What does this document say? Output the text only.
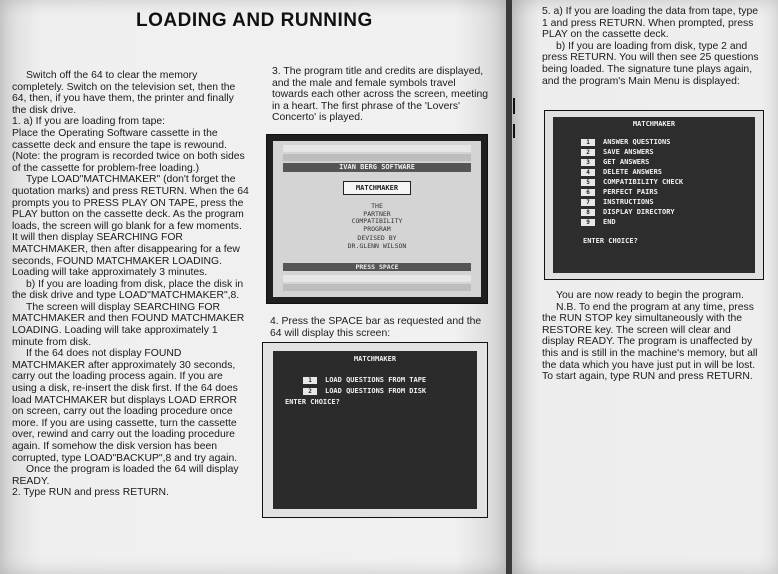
LOADING AND RUNNING

Switch off the 64 to clear the memory completely. Switch on the television set, then the 64, then, if you have them, the printer and finally the disk drive.

1. a) If you are loading from tape:

Place the Operating Software cassette in the cassette deck and ensure the tape is rewound. (Note: the program is recorded twice on both sides of the cassette for problem-free loading.)

Type LOAD"MATCHMAKER" (don't forget the quotation marks) and press RETURN. When the 64 prompts you to PRESS PLAY ON TAPE, press the PLAY button on the cassette deck. As the program loads, the screen will go blank for a few moments. It will then display SEARCHING FOR MATCHMAKER, then after disappearing for a few seconds, FOUND MATCHMAKER LOADING. Loading will take approximately 3 minutes.

b) If you are loading from disk, place the disk in the disk drive and type LOAD"MATCHMAKER",8.

The screen will display SEARCHING FOR MATCHMAKER and then FOUND MATCHMAKER LOADING. Loading will take approximately 1 minute from disk.

If the 64 does not display FOUND MATCHMAKER after approximately 30 seconds, carry out the loading process again. If you are using a disk, re-insert the disk first. If the 64 does load MATCHMAKER but displays LOAD ERROR on screen, carry out the loading procedure once more. If you are using cassette, turn the cassette over, rewind and carry out the loading procedure again. If somehow the disk version has been corrupted, type LOAD"BACKUP",8 and try again.

Once the program is loaded the 64 will display READY.

2. Type RUN and press RETURN.

3. The program title and credits are displayed, and the male and female symbols travel towards each other across the screen, meeting in a heart. The first phrase of the 'Lovers' Concerto' is played.

IVAN BERG SOFTWARE
MATCHMAKER
THE
PARTNER
COMPATIBILITY
PROGRAM
DEVISED BY
DR.GLENN WILSON
PRESS SPACE

4. Press the SPACE bar as requested and the 64 will display this screen:

MATCHMAKER
1 LOAD QUESTIONS FROM TAPE
2 LOAD QUESTIONS FROM DISK
ENTER CHOICE?

5. a) If you are loading the data from tape, type 1 and press RETURN. When prompted, press PLAY on the cassette deck.

b) If you are loading from disk, type 2 and press RETURN. You will then see 25 questions being loaded. The signature tune plays again, and the program's Main Menu is displayed:

MATCHMAKER
1 ANSWER QUESTIONS
2 SAVE ANSWERS
3 GET ANSWERS
4 DELETE ANSWERS
5 COMPATIBILITY CHECK
6 PERFECT PAIRS
7 INSTRUCTIONS
8 DISPLAY DIRECTORY
9 END
ENTER CHOICE?

You are now ready to begin the program.

N.B. To end the program at any time, press the RUN STOP key simultaneously with the RESTORE key. The screen will clear and display READY. The program is unaffected by this and is still in the machine's memory, but all the data which you have just put in will be lost. To start again, type RUN and press RETURN.
